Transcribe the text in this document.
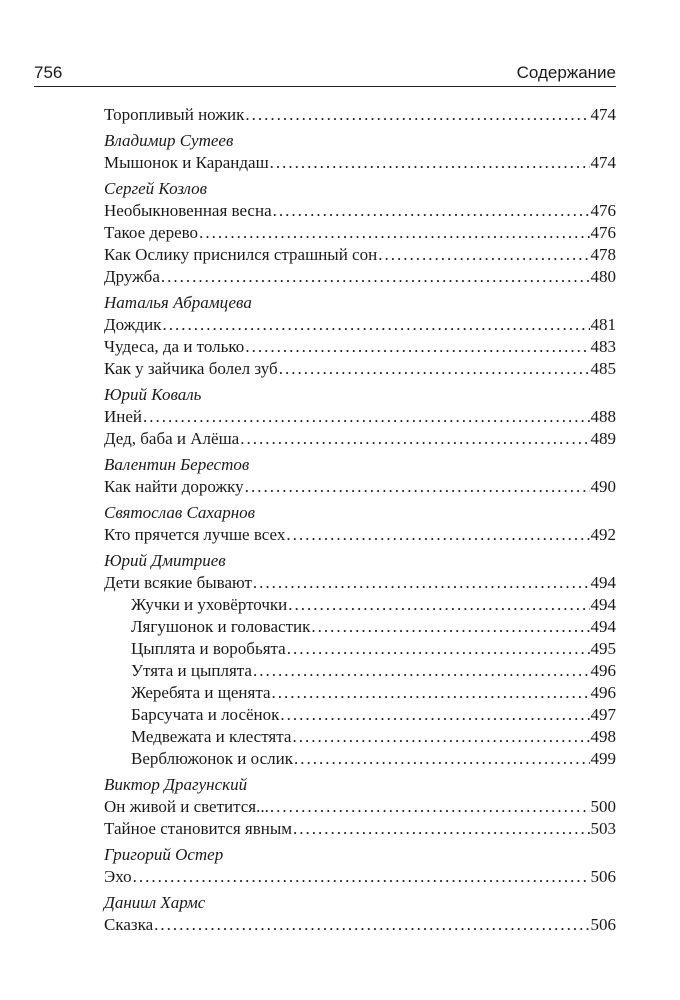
756	Содержание
Торопливый ножик .....	474
Владимир Сутеев
Мышонок и Карандаш .....	474
Сергей Козлов
Необыкновенная весна .....	476
Такое дерево .....	476
Как Ослику приснился страшный сон .....	478
Дружба .....	480
Наталья Абрамцева
Дождик .....	481
Чудеса, да и только .....	483
Как у зайчика болел зуб .....	485
Юрий Коваль
Иней .....	488
Дед, баба и Алёша .....	489
Валентин Берестов
Как найти дорожку .....	490
Святослав Сахарнов
Кто прячется лучше всех .....	492
Юрий Дмитриев
Дети всякие бывают .....	494
Жучки и уховёрточки .....	494
Лягушонок и головастик .....	494
Цыплята и воробьята .....	495
Утята и цыплята .....	496
Жеребята и щенята .....	496
Барсучата и лосёнок .....	497
Медвежата и клестята .....	498
Верблюжонок и ослик .....	499
Виктор Драгунский
Он живой и светится... .....	500
Тайное становится явным .....	503
Григорий Остер
Эхо .....	506
Даниил Хармс
Сказка .....	506
